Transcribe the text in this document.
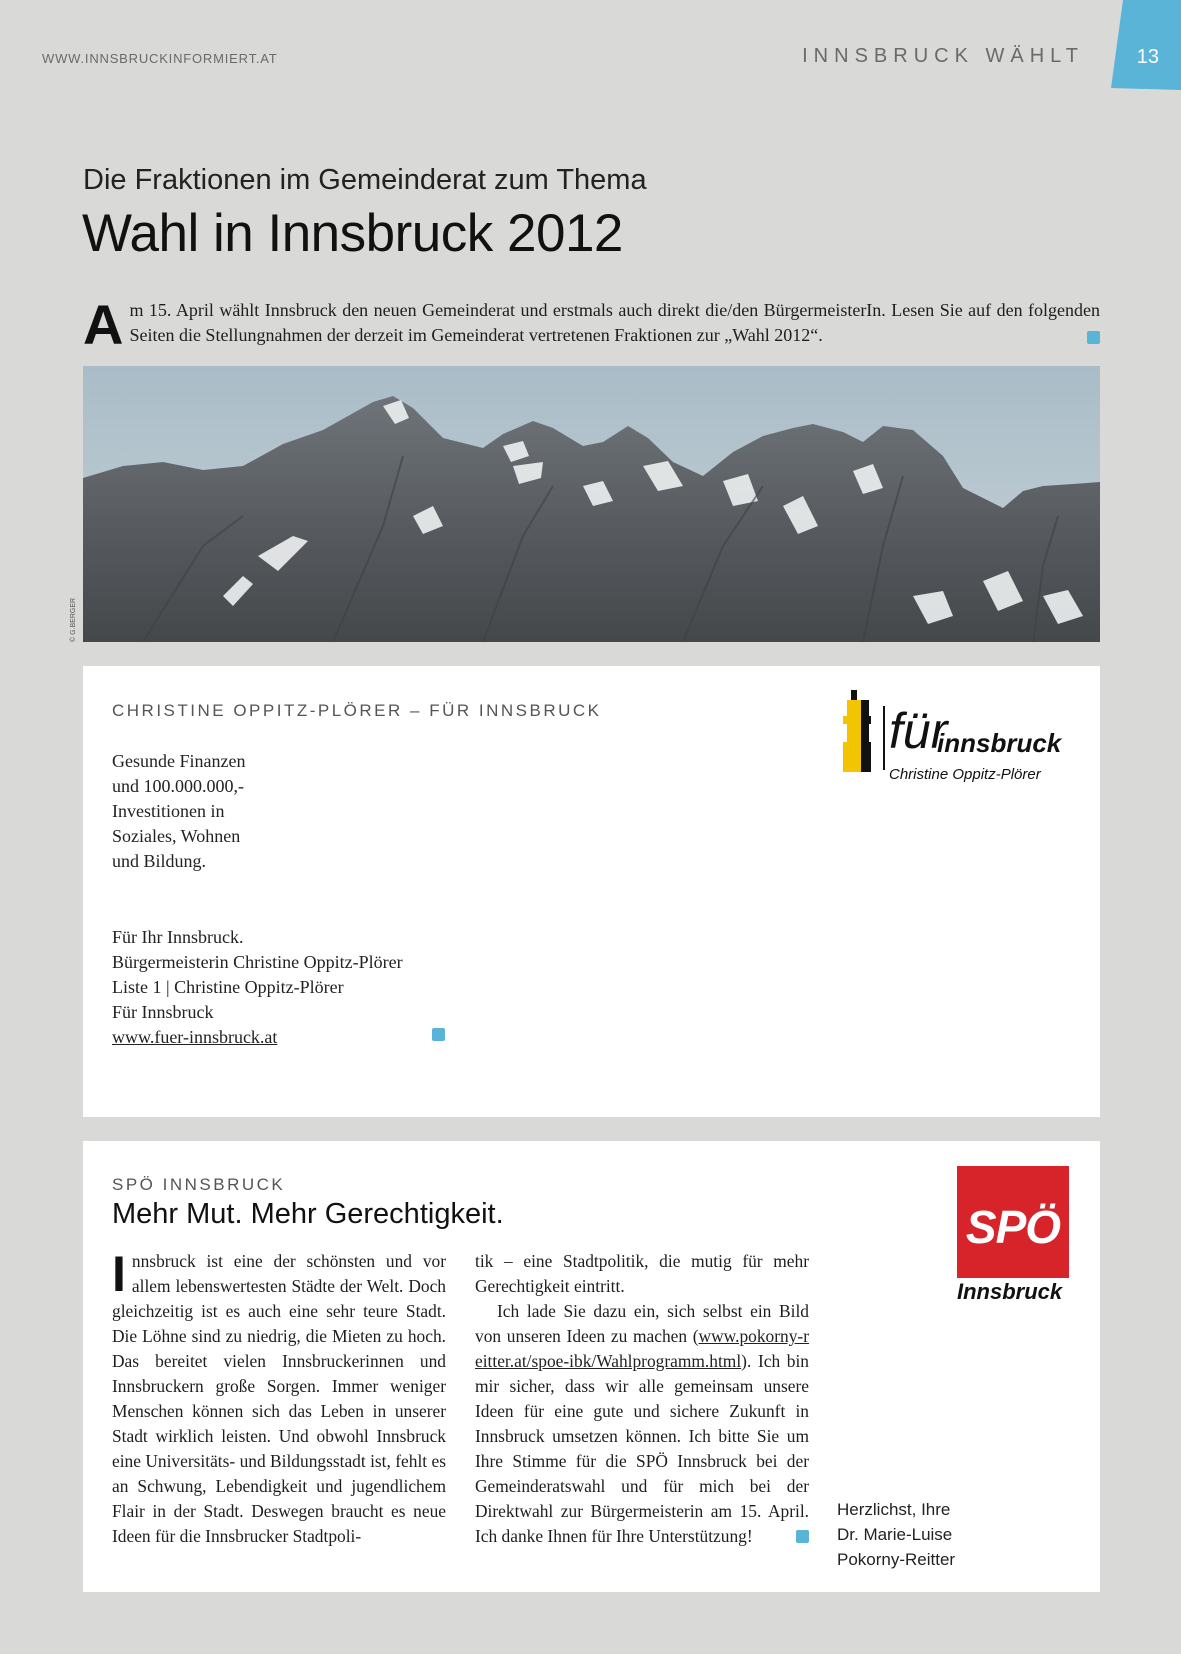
WWW.INNSBRUCKINFORMIERT.AT	INNSBRUCK WÄHLT	13
Die Fraktionen im Gemeinderat zum Thema
Wahl in Innsbruck 2012
Am 15. April wählt Innsbruck den neuen Gemeinderat und erstmals auch direkt die/den BürgermeisterIn. Lesen Sie auf den folgenden Seiten die Stellungnahmen der derzeit im Gemeinderat vertretenen Fraktionen zur „Wahl 2012“.
© G.BERGER
CHRISTINE OPPITZ-PLÖRER – FÜR INNSBRUCK

Gesunde Finanzen

und 100.000.000,-

Investitionen in

Soziales, Wohnen

und Bildung.

Für Ihr Innsbruck.

Bürgermeisterin Christine Oppitz-Plörer

Liste 1 | Christine Oppitz-Plörer

Für Innsbruck

www.fuer-innsbruck.at

für
innsbruck
Christine Oppitz-Plörer
SPÖ INNSBRUCK
Mehr Mut. Mehr Gerechtigkeit.	SPÖ
Innsbruck
Innsbruck ist eine der schönsten und vor allem lebenswertesten Städte der Welt. Doch gleichzeitig ist es auch eine sehr teure Stadt. Die Löhne sind zu niedrig, die Mieten zu hoch. Das bereitet vielen Innsbruckerinnen und Innsbruckern große Sorgen. Immer weniger Menschen können sich das Leben in unserer Stadt wirklich leisten. Und obwohl Innsbruck eine Universitäts- und Bildungsstadt ist, fehlt es an Schwung, Lebendigkeit und jugendlichem Flair in der Stadt. Deswegen braucht es neue Ideen für die Innsbrucker Stadtpoli-

tik – eine Stadtpolitik, die mutig für mehr Gerechtigkeit eintritt.

Ich lade Sie dazu ein, sich selbst ein Bild von unseren Ideen zu machen (www.pokorny-reitter.at/spoe-ibk/Wahlprogramm.html). Ich bin mir sicher, dass wir alle gemeinsam unsere Ideen für eine gute und sichere Zukunft in Innsbruck umsetzen können. Ich bitte Sie um Ihre Stimme für die SPÖ Innsbruck bei der Gemeinderatswahl und für mich bei der Direktwahl zur Bürgermeisterin am 15. April. Ich danke Ihnen für Ihre Unterstützung!

Herzlichst, Ihre
Dr. Marie-Luise
Pokorny-Reitter
